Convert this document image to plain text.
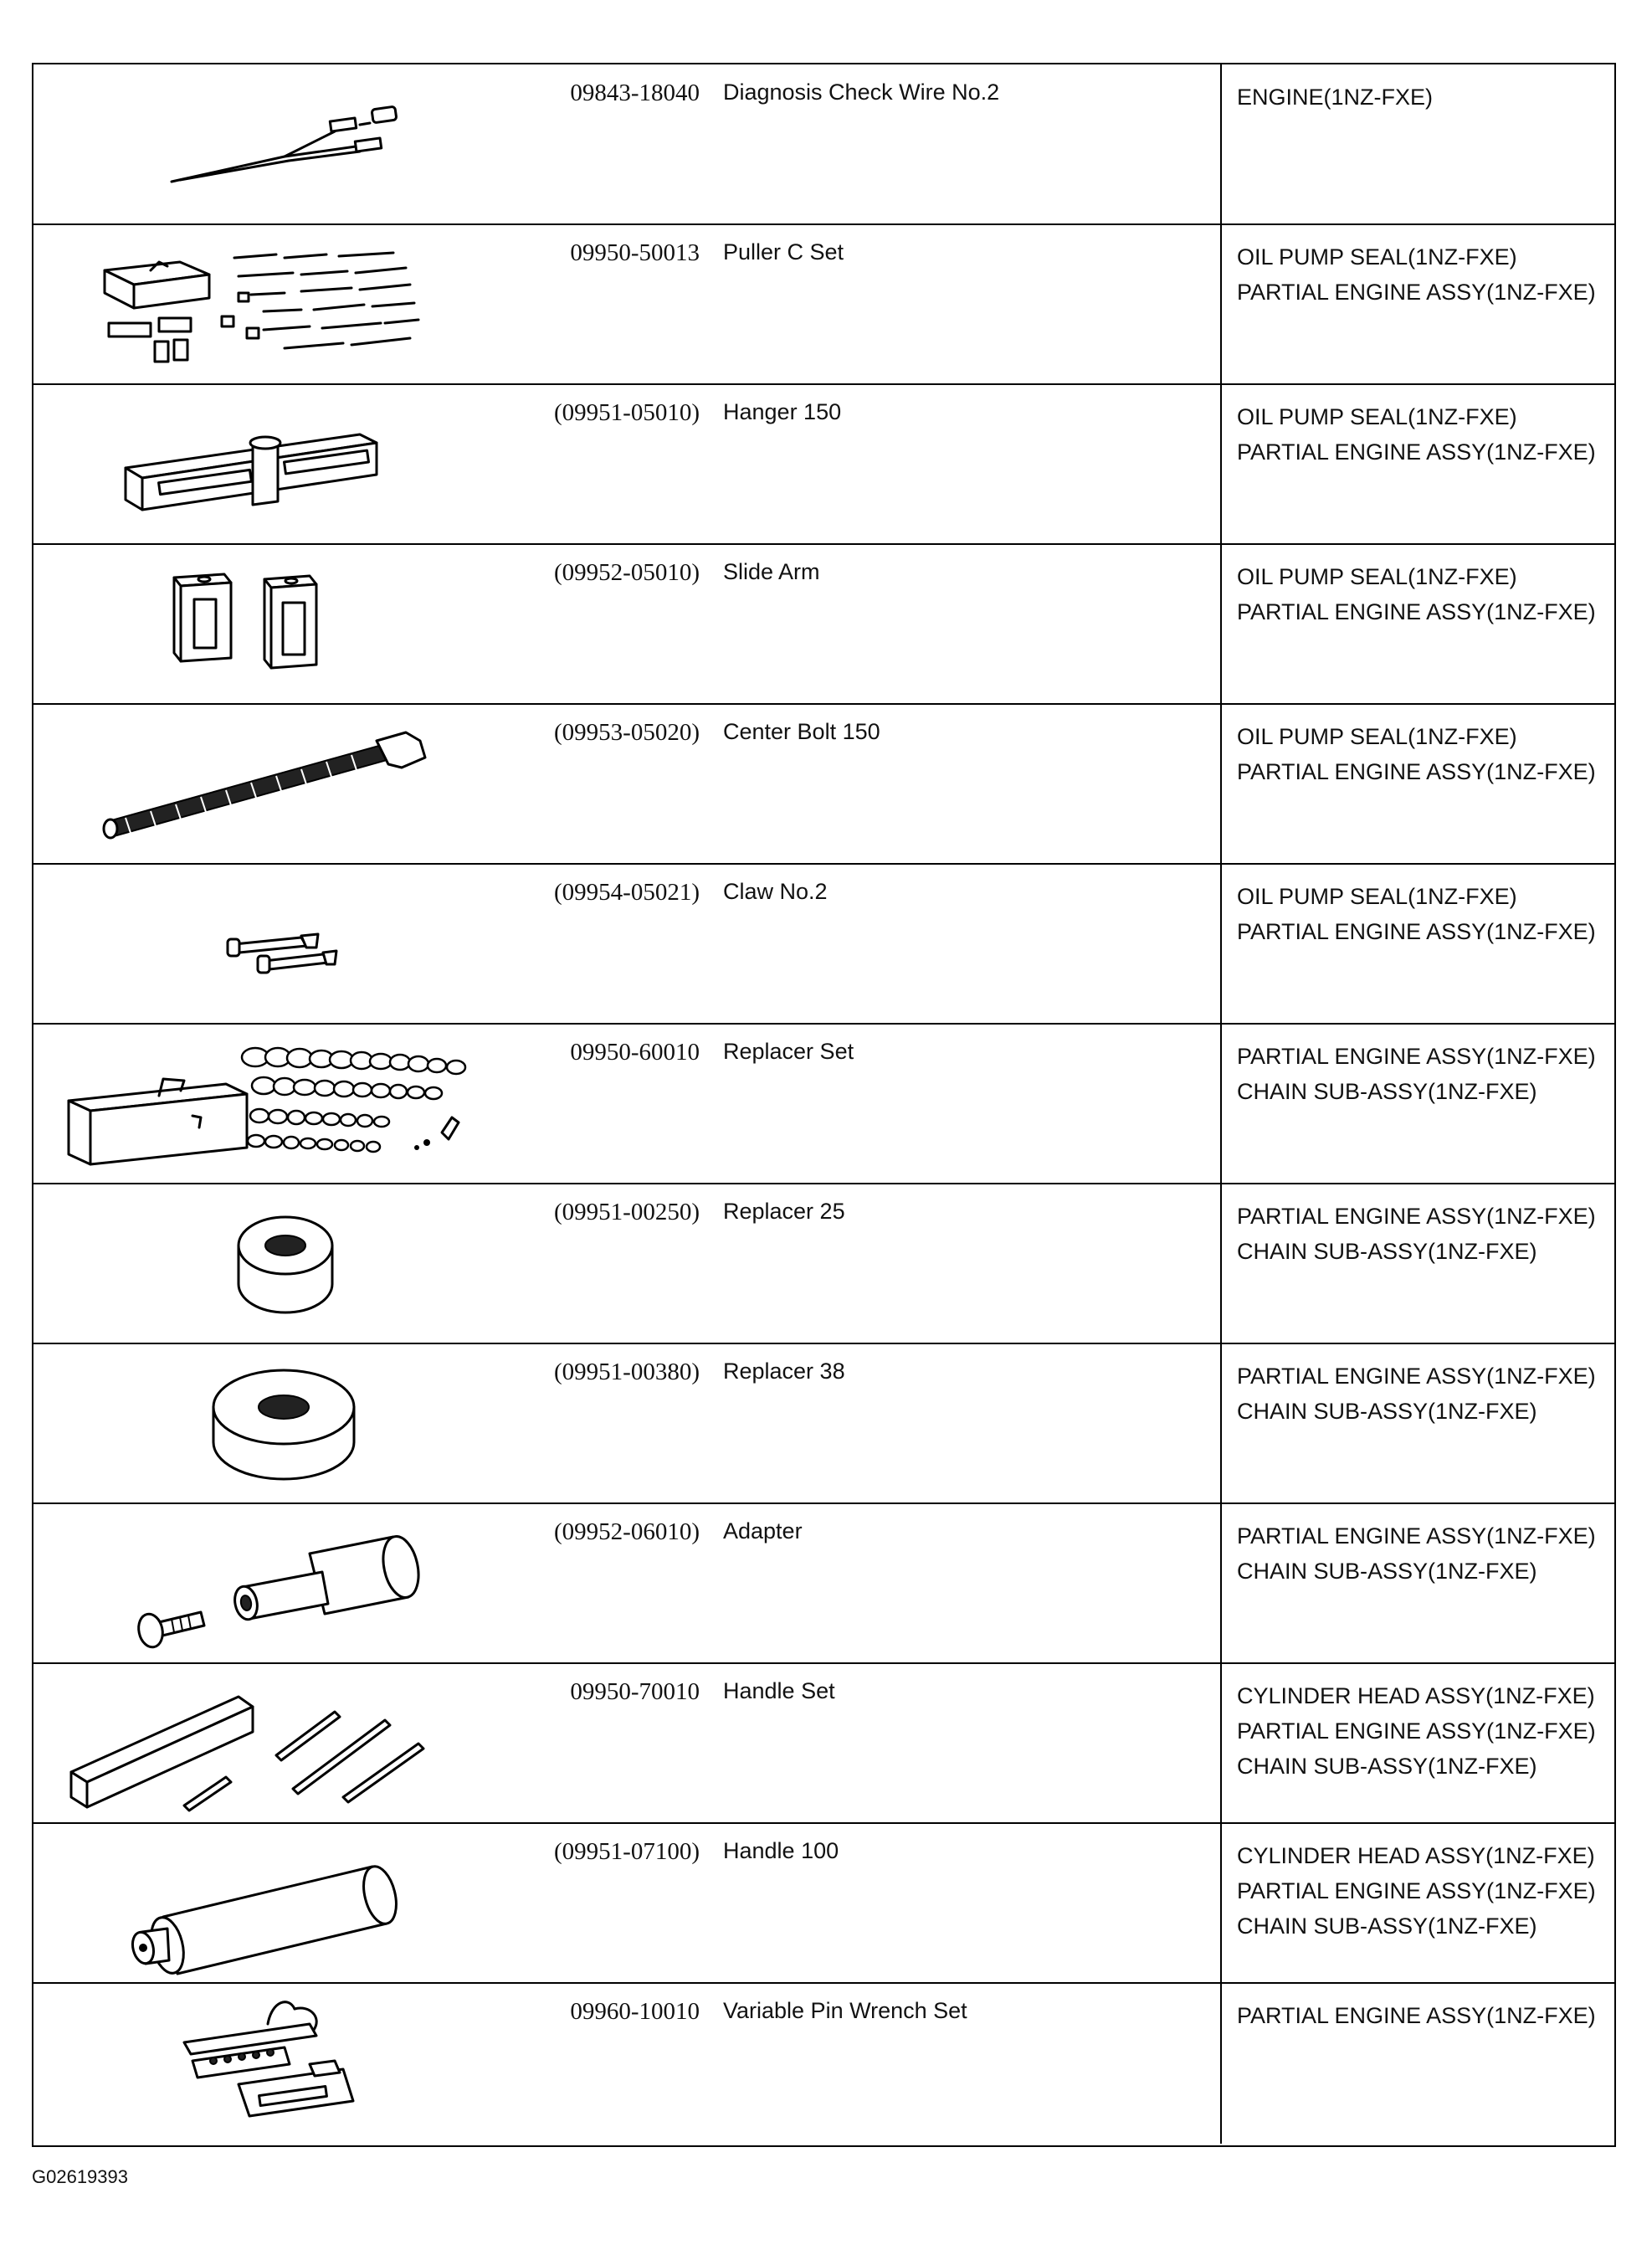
09843-18040 Diagnosis Check Wire No.2	ENGINE(1NZ-FXE)
09950-50013 Puller C Set	OIL PUMP SEAL(1NZ-FXE)
PARTIAL ENGINE ASSY(1NZ-FXE)
(09951-05010) Hanger 150	OIL PUMP SEAL(1NZ-FXE)
PARTIAL ENGINE ASSY(1NZ-FXE)
(09952-05010) Slide Arm	OIL PUMP SEAL(1NZ-FXE)
PARTIAL ENGINE ASSY(1NZ-FXE)
(09953-05020) Center Bolt 150	OIL PUMP SEAL(1NZ-FXE)
PARTIAL ENGINE ASSY(1NZ-FXE)
(09954-05021) Claw No.2	OIL PUMP SEAL(1NZ-FXE)
PARTIAL ENGINE ASSY(1NZ-FXE)
09950-60010 Replacer Set	PARTIAL ENGINE ASSY(1NZ-FXE)
CHAIN SUB-ASSY(1NZ-FXE)
(09951-00250) Replacer 25	PARTIAL ENGINE ASSY(1NZ-FXE)
CHAIN SUB-ASSY(1NZ-FXE)
(09951-00380) Replacer 38	PARTIAL ENGINE ASSY(1NZ-FXE)
CHAIN SUB-ASSY(1NZ-FXE)
(09952-06010) Adapter	PARTIAL ENGINE ASSY(1NZ-FXE)
CHAIN SUB-ASSY(1NZ-FXE)
09950-70010 Handle Set	CYLINDER HEAD ASSY(1NZ-FXE)
PARTIAL ENGINE ASSY(1NZ-FXE)
CHAIN SUB-ASSY(1NZ-FXE)
(09951-07100) Handle 100	CYLINDER HEAD ASSY(1NZ-FXE)
PARTIAL ENGINE ASSY(1NZ-FXE)
CHAIN SUB-ASSY(1NZ-FXE)
09960-10010 Variable Pin Wrench Set	PARTIAL ENGINE ASSY(1NZ-FXE)
G02619393
